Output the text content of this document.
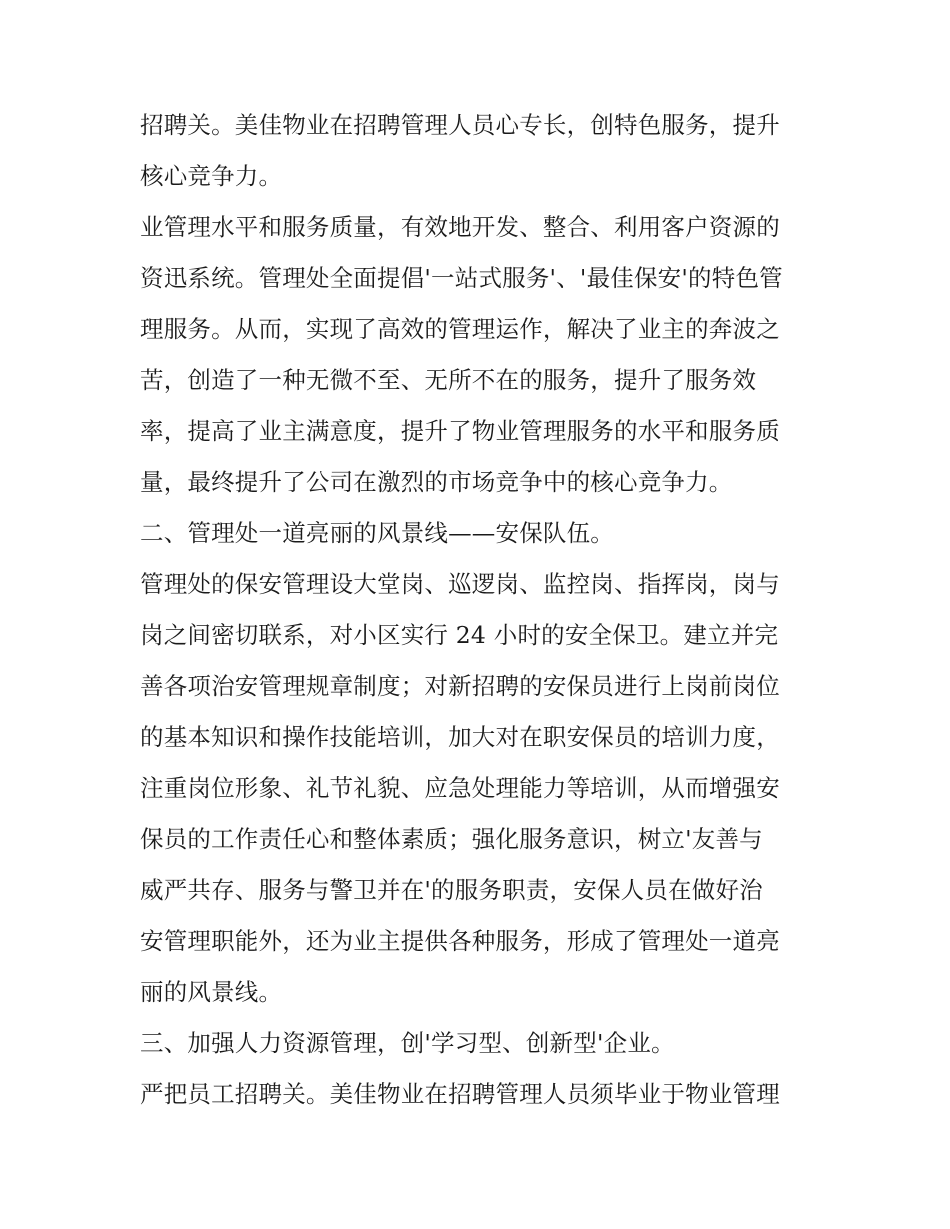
招聘关。美佳物业在招聘管理人员心专长，创特色服务，提升
核心竞争力。
业管理水平和服务质量，有效地开发、整合、利用客户资源的
资迅系统。管理处全面提倡'一站式服务'、'最佳保安'的特色管
理服务。从而，实现了高效的管理运作，解决了业主的奔波之
苦，创造了一种无微不至、无所不在的服务，提升了服务效
率，提高了业主满意度，提升了物业管理服务的水平和服务质
量，最终提升了公司在激烈的市场竞争中的核心竞争力。
二、管理处一道亮丽的风景线——安保队伍。
管理处的保安管理设大堂岗、巡逻岗、监控岗、指挥岗，岗与
岗之间密切联系，对小区实行 24 小时的安全保卫。建立并完
善各项治安管理规章制度；对新招聘的安保员进行上岗前岗位
的基本知识和操作技能培训，加大对在职安保员的培训力度，
注重岗位形象、礼节礼貌、应急处理能力等培训，从而增强安
保员的工作责任心和整体素质；强化服务意识，树立'友善与
威严共存、服务与警卫并在'的服务职责，安保人员在做好治
安管理职能外，还为业主提供各种服务，形成了管理处一道亮
丽的风景线。
三、加强人力资源管理，创'学习型、创新型'企业。
严把员工招聘关。美佳物业在招聘管理人员须毕业于物业管理
